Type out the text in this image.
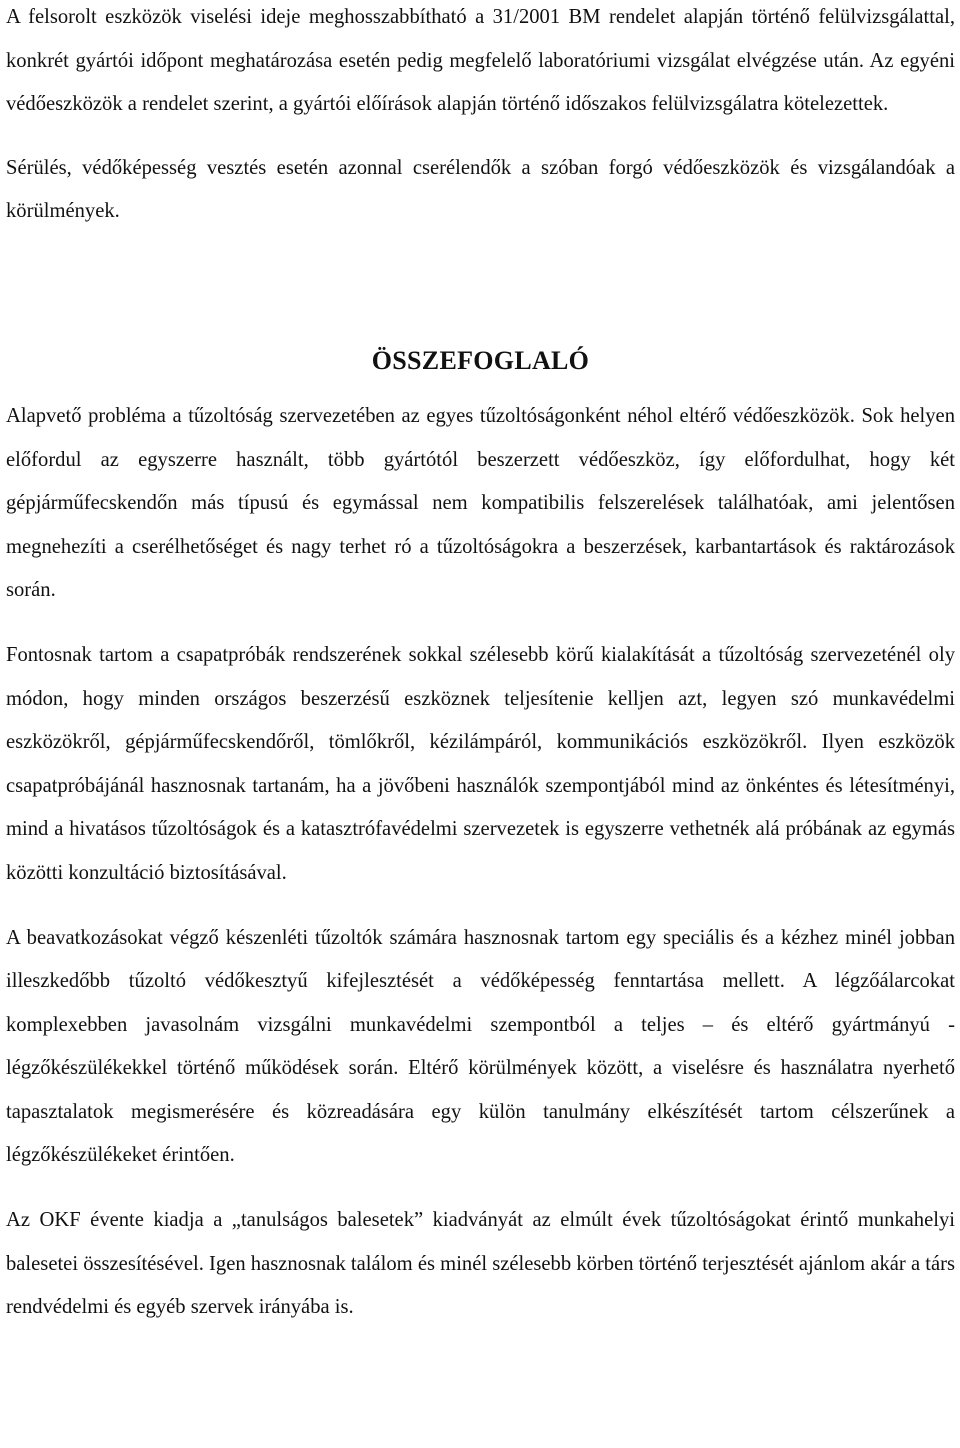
A felsorolt eszközök viselési ideje meghosszabbítható a 31/2001 BM rendelet alapján történő felülvizsgálattal, konkrét gyártói időpont meghatározása esetén pedig megfelelő laboratóriumi vizsgálat elvégzése után. Az egyéni védőeszközök a rendelet szerint, a gyártói előírások alapján történő időszakos felülvizsgálatra kötelezettek.

Sérülés, védőképesség vesztés esetén azonnal cserélendők a szóban forgó védőeszközök és vizsgálandóak a körülmények.

ÖSSZEFOGLALÓ

Alapvető probléma a tűzoltóság szervezetében az egyes tűzoltóságonként néhol eltérő védőeszközök. Sok helyen előfordul az egyszerre használt, több gyártótól beszerzett védőeszköz, így előfordulhat, hogy két gépjárműfecskendőn más típusú és egymással nem kompatibilis felszerelések találhatóak, ami jelentősen megnehezíti a cserélhetőséget és nagy terhet ró a tűzoltóságokra a beszerzések, karbantartások és raktározások során.

Fontosnak tartom a csapatpróbák rendszerének sokkal szélesebb körű kialakítását a tűzoltóság szervezeténél oly módon, hogy minden országos beszerzésű eszköznek teljesítenie kelljen azt, legyen szó munkavédelmi eszközökről, gépjárműfecskendőről, tömlőkről, kézilámpáról, kommunikációs eszközökről. Ilyen eszközök csapatpróbájánál hasznosnak tartanám, ha a jövőbeni használók szempontjából mind az önkéntes és létesítményi, mind a hivatásos tűzoltóságok és a katasztrófavédelmi szervezetek is egyszerre vethetnék alá próbának az egymás közötti konzultáció biztosításával.

A beavatkozásokat végző készenléti tűzoltók számára hasznosnak tartom egy speciális és a kézhez minél jobban illeszkedőbb tűzoltó védőkesztyű kifejlesztését a védőképesség fenntartása mellett. A légzőálarcokat komplexebben javasolnám vizsgálni munkavédelmi szempontból a teljes – és eltérő gyártmányú - légzőkészülékekkel történő működések során. Eltérő körülmények között, a viselésre és használatra nyerhető tapasztalatok megismerésére és közreadására egy külön tanulmány elkészítését tartom célszerűnek a légzőkészülékeket érintően.

Az OKF évente kiadja a „tanulságos balesetek” kiadványát az elmúlt évek tűzoltóságokat érintő munkahelyi balesetei összesítésével. Igen hasznosnak találom és minél szélesebb körben történő terjesztését ajánlom akár a társ rendvédelmi és egyéb szervek irányába is.
